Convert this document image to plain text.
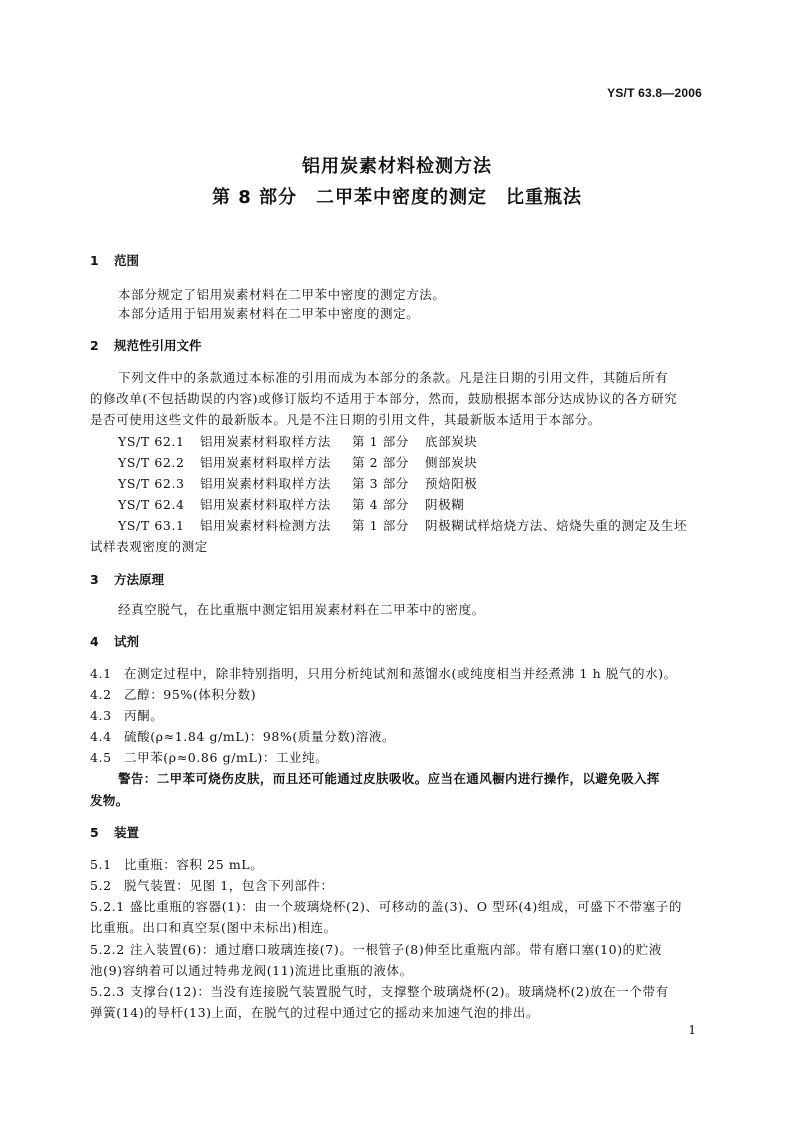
YS/T 63.8—2006
铝用炭素材料检测方法
第 8 部分　二甲苯中密度的测定　比重瓶法
1 范围
本部分规定了铝用炭素材料在二甲苯中密度的测定方法。
本部分适用于铝用炭素材料在二甲苯中密度的测定。
2 规范性引用文件
下列文件中的条款通过本标准的引用而成为本部分的条款。凡是注日期的引用文件，其随后所有
的修改单(不包括勘误的内容)或修订版均不适用于本部分，然而，鼓励根据本部分达成协议的各方研究
是否可使用这些文件的最新版本。凡是不注日期的引用文件，其最新版本适用于本部分。
YS/T 62.1 铝用炭素材料取样方法 第 1 部分 底部炭块
YS/T 62.2 铝用炭素材料取样方法 第 2 部分 侧部炭块
YS/T 62.3 铝用炭素材料取样方法 第 3 部分 预焙阳极
YS/T 62.4 铝用炭素材料取样方法 第 4 部分 阴极糊
YS/T 63.1 铝用炭素材料检测方法 第 1 部分 阴极糊试样焙烧方法、焙烧失重的测定及生坯
试样表观密度的测定
3 方法原理
经真空脱气，在比重瓶中测定铝用炭素材料在二甲苯中的密度。
4 试剂
4.1 在测定过程中，除非特别指明，只用分析纯试剂和蒸馏水(或纯度相当并经煮沸 1 h 脱气的水)。
4.2 乙醇：95%(体积分数)
4.3 丙酮。
4.4 硫酸(ρ≈1.84 g/mL)：98%(质量分数)溶液。
4.5 二甲苯(ρ≈0.86 g/mL)：工业纯。
警告：二甲苯可烧伤皮肤，而且还可能通过皮肤吸收。应当在通风橱内进行操作，以避免吸入挥
发物。
5 装置
5.1 比重瓶：容积 25 mL。
5.2 脱气装置：见图 1，包含下列部件：
5.2.1 盛比重瓶的容器(1)：由一个玻璃烧杯(2)、可移动的盖(3)、O 型环(4)组成，可盛下不带塞子的
比重瓶。出口和真空泵(图中未标出)相连。
5.2.2 注入装置(6)：通过磨口玻璃连接(7)。一根管子(8)伸至比重瓶内部。带有磨口塞(10)的贮液
池(9)容纳着可以通过特弗龙阀(11)流进比重瓶的液体。
5.2.3 支撑台(12)：当没有连接脱气装置脱气时，支撑整个玻璃烧杯(2)。玻璃烧杯(2)放在一个带有
弹簧(14)的导杆(13)上面，在脱气的过程中通过它的摇动来加速气泡的排出。
1
